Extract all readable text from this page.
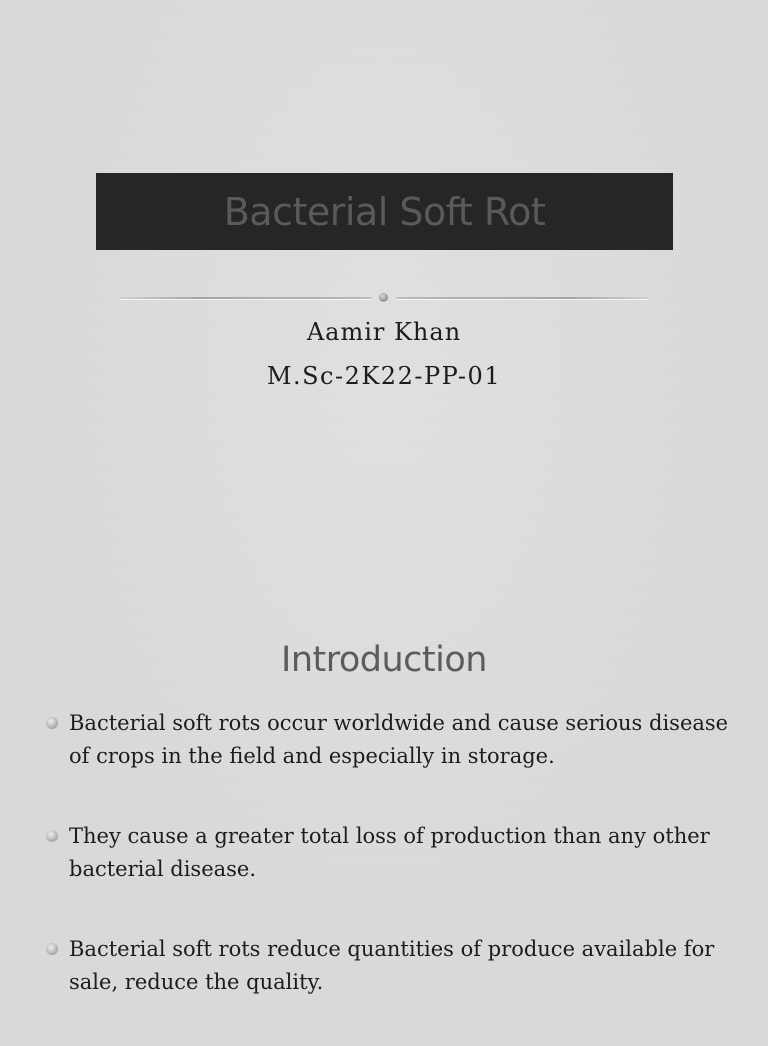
Bacterial Soft Rot
Aamir Khan
M.Sc-2K22-PP-01
Introduction
Bacterial soft rots occur worldwide and cause serious disease of crops in the field and especially in storage.
They cause a greater total loss of production than any other bacterial disease.
Bacterial soft rots reduce quantities of produce available for sale, reduce the quality.
